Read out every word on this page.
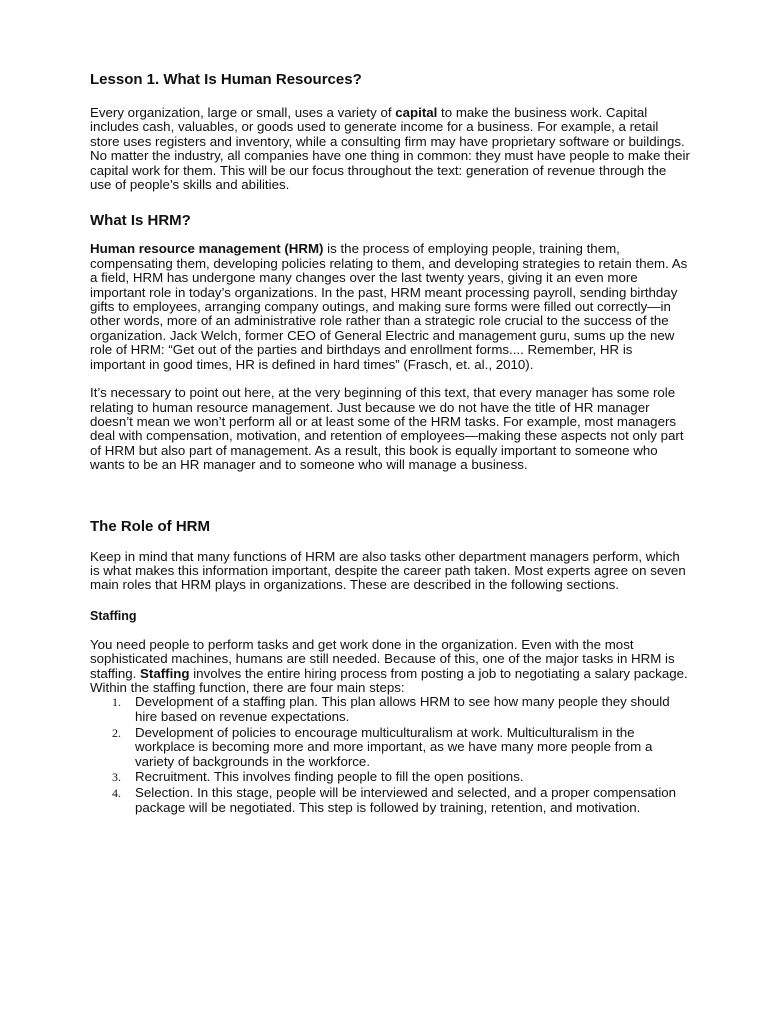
Lesson 1. What Is Human Resources?

Every organization, large or small, uses a variety of capital to make the business work. Capital includes cash, valuables, or goods used to generate income for a business. For example, a retail store uses registers and inventory, while a consulting firm may have proprietary software or buildings. No matter the industry, all companies have one thing in common: they must have people to make their capital work for them. This will be our focus throughout the text: generation of revenue through the use of people’s skills and abilities.

What Is HRM?

Human resource management (HRM) is the process of employing people, training them, compensating them, developing policies relating to them, and developing strategies to retain them. As a field, HRM has undergone many changes over the last twenty years, giving it an even more important role in today’s organizations. In the past, HRM meant processing payroll, sending birthday gifts to employees, arranging company outings, and making sure forms were filled out correctly—in other words, more of an administrative role rather than a strategic role crucial to the success of the organization. Jack Welch, former CEO of General Electric and management guru, sums up the new role of HRM: “Get out of the parties and birthdays and enrollment forms.... Remember, HR is important in good times, HR is defined in hard times” (Frasch, et. al., 2010).

It’s necessary to point out here, at the very beginning of this text, that every manager has some role relating to human resource management. Just because we do not have the title of HR manager doesn’t mean we won’t perform all or at least some of the HRM tasks. For example, most managers deal with compensation, motivation, and retention of employees—making these aspects not only part of HRM but also part of management. As a result, this book is equally important to someone who wants to be an HR manager and to someone who will manage a business.

The Role of HRM

Keep in mind that many functions of HRM are also tasks other department managers perform, which is what makes this information important, despite the career path taken. Most experts agree on seven main roles that HRM plays in organizations. These are described in the following sections.

Staffing

You need people to perform tasks and get work done in the organization. Even with the most sophisticated machines, humans are still needed. Because of this, one of the major tasks in HRM is staffing. Staffing involves the entire hiring process from posting a job to negotiating a salary package. Within the staffing function, there are four main steps:

1. Development of a staffing plan. This plan allows HRM to see how many people they should hire based on revenue expectations.
2. Development of policies to encourage multiculturalism at work. Multiculturalism in the workplace is becoming more and more important, as we have many more people from a variety of backgrounds in the workforce.
3. Recruitment. This involves finding people to fill the open positions.
4. Selection. In this stage, people will be interviewed and selected, and a proper compensation package will be negotiated. This step is followed by training, retention, and motivation.
